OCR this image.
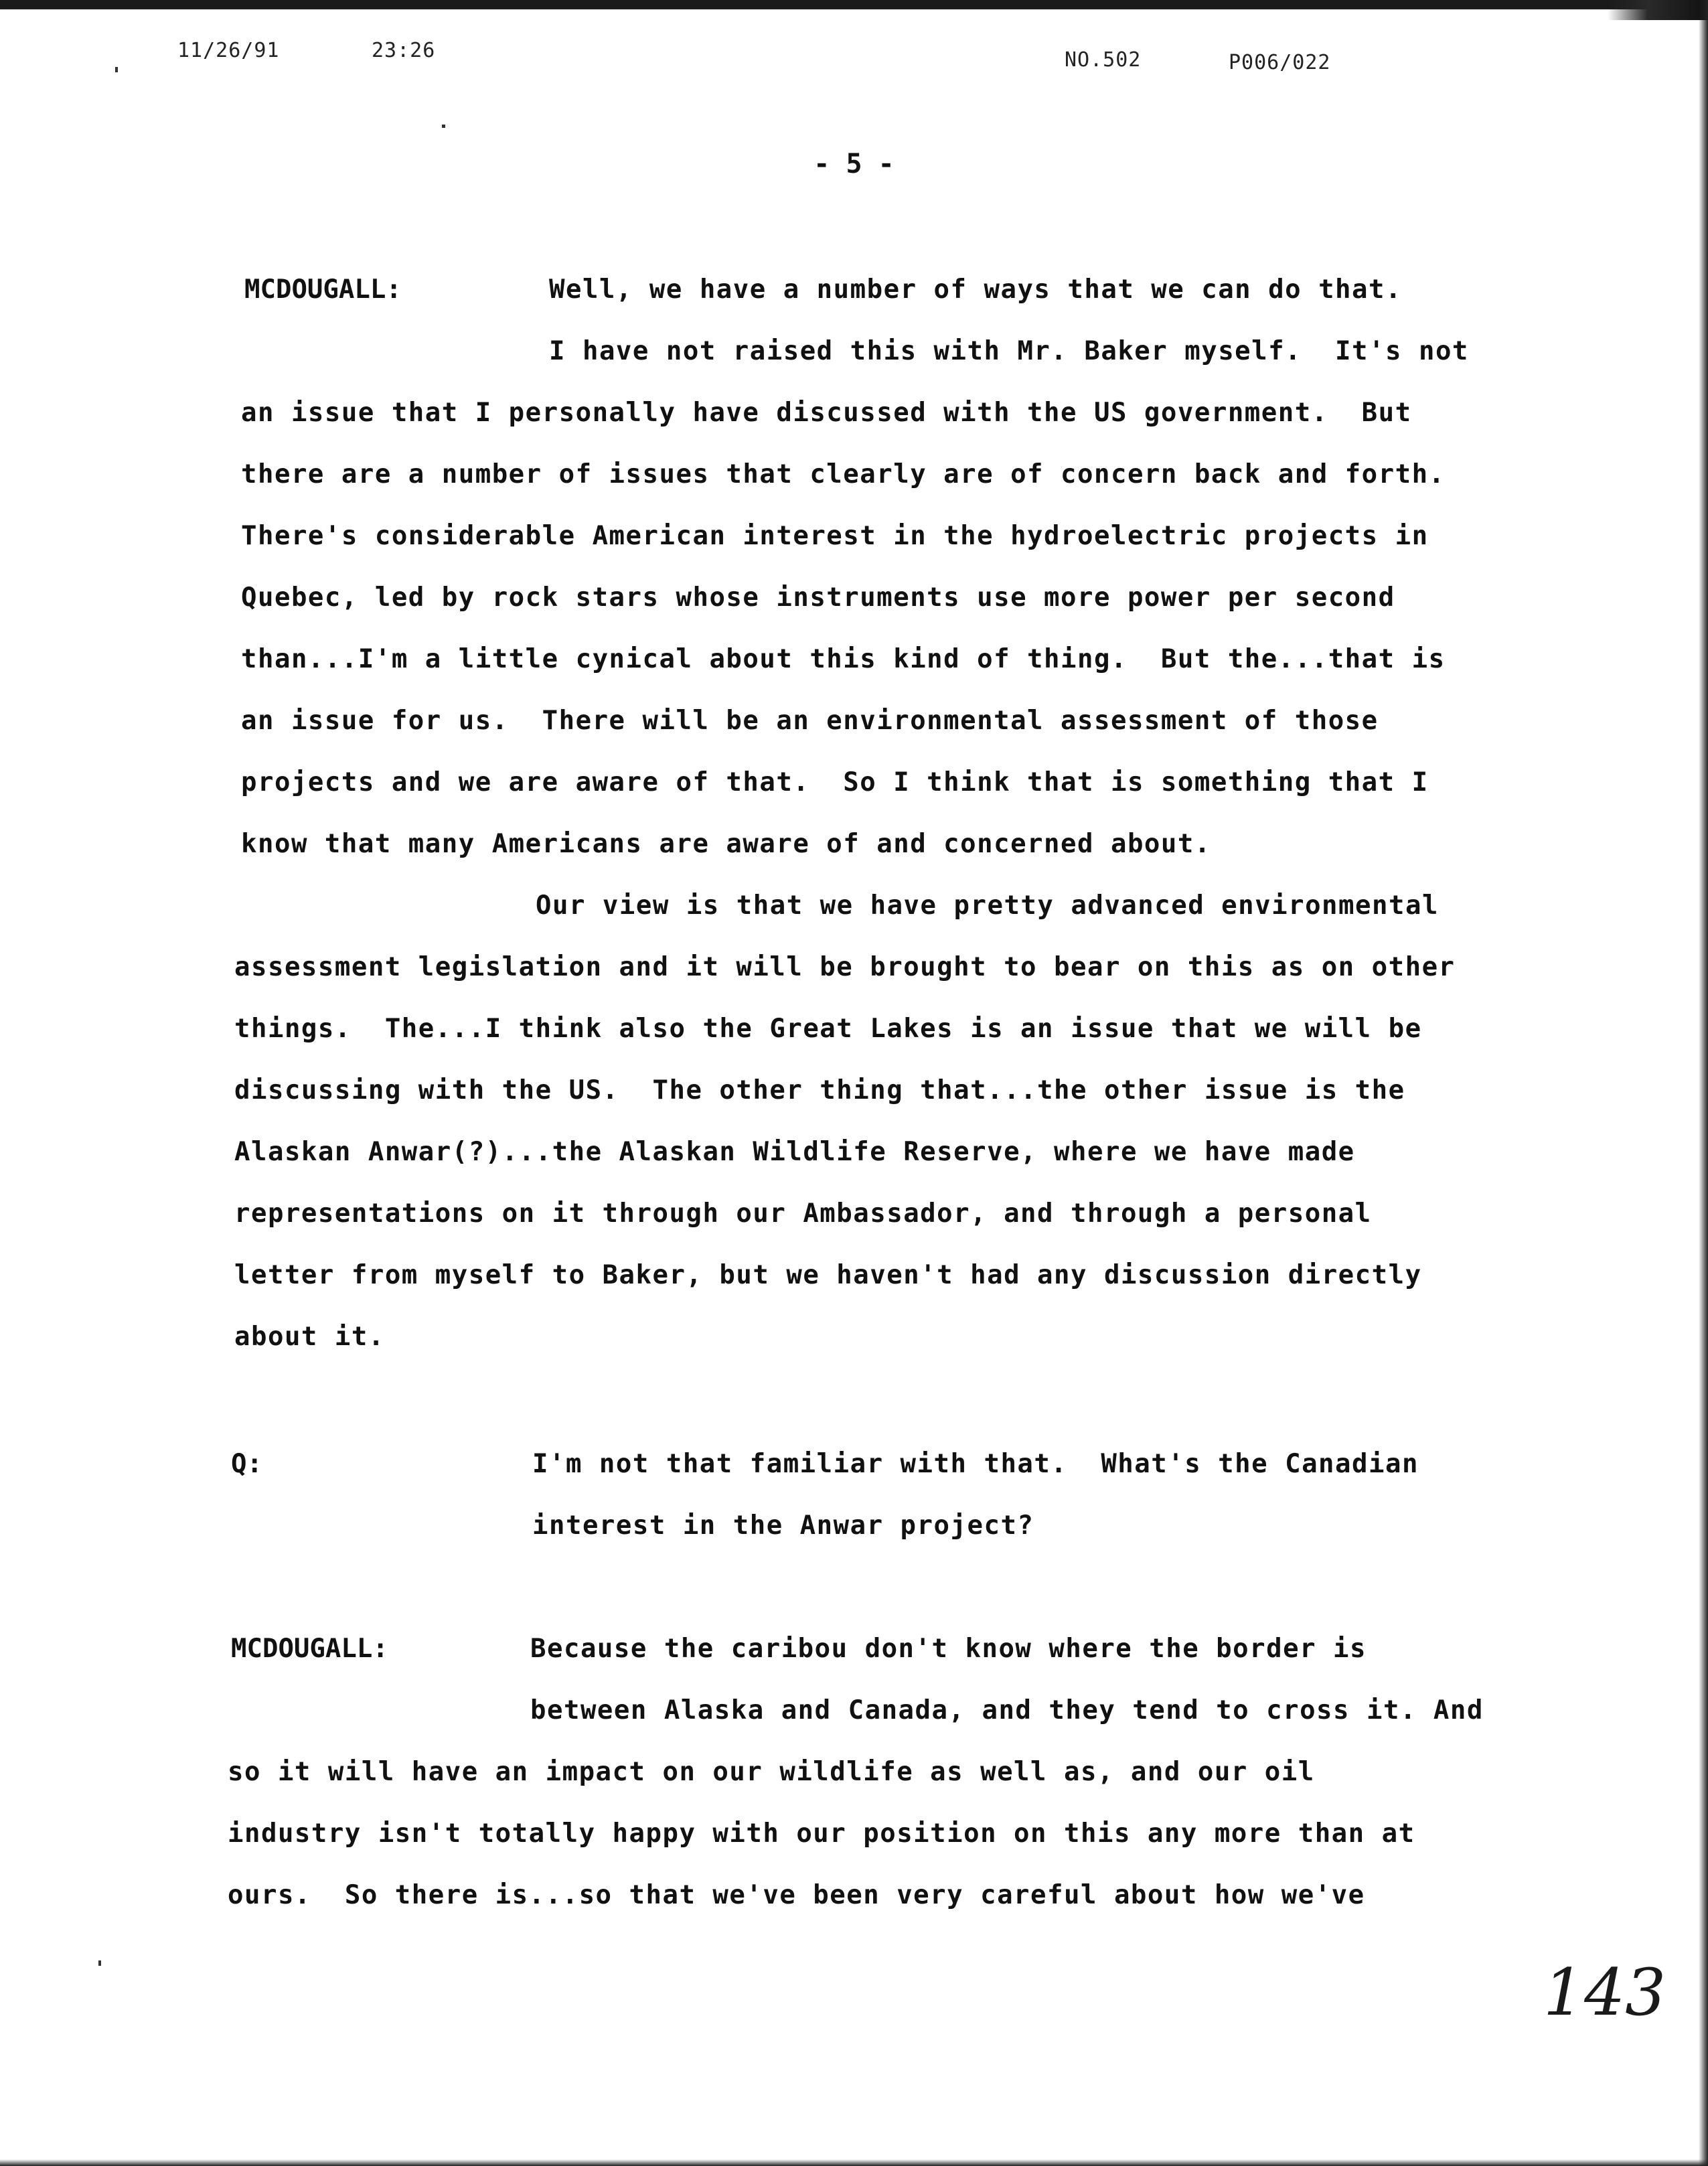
11/26/91	23:26	NO.502	P006/022
- 5 -
MCDOUGALL:	Well, we have a number of ways that we can do that.
I have not raised this with Mr. Baker myself.  It's not
an issue that I personally have discussed with the US government.  But
there are a number of issues that clearly are of concern back and forth.
There's considerable American interest in the hydroelectric projects in
Quebec, led by rock stars whose instruments use more power per second
than...I'm a little cynical about this kind of thing.  But the...that is
an issue for us.  There will be an environmental assessment of those
projects and we are aware of that.  So I think that is something that I
know that many Americans are aware of and concerned about.
Our view is that we have pretty advanced environmental
assessment legislation and it will be brought to bear on this as on other
things.  The...I think also the Great Lakes is an issue that we will be
discussing with the US.  The other thing that...the other issue is the
Alaskan Anwar(?)...the Alaskan Wildlife Reserve, where we have made
representations on it through our Ambassador, and through a personal
letter from myself to Baker, but we haven't had any discussion directly
about it.
Q:	I'm not that familiar with that.  What's the Canadian
interest in the Anwar project?
MCDOUGALL:	Because the caribou don't know where the border is
between Alaska and Canada, and they tend to cross it. And
so it will have an impact on our wildlife as well as, and our oil
industry isn't totally happy with our position on this any more than at
ours.  So there is...so that we've been very careful about how we've
143
